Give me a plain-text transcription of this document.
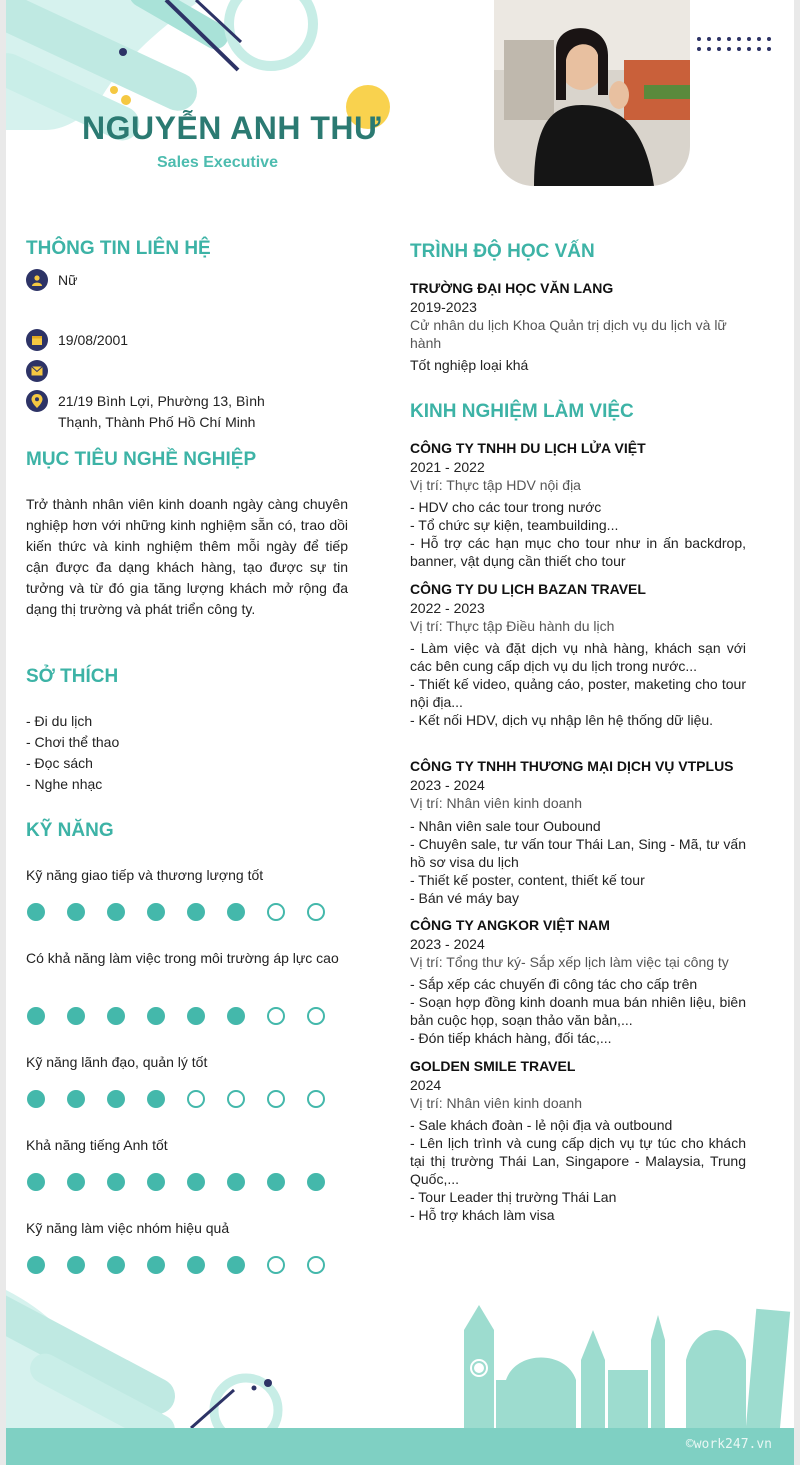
NGUYỄN ANH THƯ
Sales Executive
THÔNG TIN LIÊN HỆ
Nữ
19/08/2001
21/19 Bình Lợi, Phường 13, Bình Thạnh, Thành Phố Hồ Chí Minh
MỤC TIÊU NGHỀ NGHIỆP
Trở thành nhân viên kinh doanh ngày càng chuyên nghiệp hơn với những kinh nghiệm sẵn có, trao dồi kiến thức và kinh nghiệm thêm mỗi ngày để tiếp cận được đa dạng khách hàng, tạo được sự tin tưởng và từ đó gia tăng lượng khách mở rộng đa dạng thị trường và phát triển công ty.
SỞ THÍCH
- Đi du lịch
- Chơi thể thao
- Đọc sách
- Nghe nhạc
KỸ NĂNG
Kỹ năng giao tiếp và thương lượng tốt
Có khả năng làm việc trong môi trường áp lực cao
Kỹ năng lãnh đạo, quản lý tốt
Khả năng tiếng Anh tốt
Kỹ năng làm việc nhóm hiệu quả
TRÌNH ĐỘ HỌC VẤN
TRƯỜNG ĐẠI HỌC VĂN LANG
2019-2023
Cử nhân du lịch Khoa Quản trị dịch vụ du lịch và lữ hành
Tốt nghiệp loại khá
KINH NGHIỆM LÀM VIỆC
CÔNG TY TNHH DU LỊCH LỬA VIỆT
2021 - 2022
Vị trí: Thực tập HDV nội địa
- HDV cho các tour trong nước
- Tổ chức sự kiện, teambuilding...
- Hỗ trợ các hạn mục cho tour như in ấn backdrop, banner, vật dụng cần thiết cho tour
CÔNG TY DU LỊCH BAZAN TRAVEL
2022 - 2023
Vị trí: Thực tập Điều hành du lịch
- Làm việc và đặt dịch vụ nhà hàng, khách sạn với các bên cung cấp dịch vụ du lịch trong nước...
- Thiết kế video, quảng cáo, poster, maketing cho tour nội địa...
- Kết nối HDV, dịch vụ nhập lên hệ thống dữ liệu.
CÔNG TY TNHH THƯƠNG MẠI DỊCH VỤ VTPLUS
2023 - 2024
Vị trí: Nhân viên kinh doanh
- Nhân viên sale tour Oubound
- Chuyên sale, tư vấn tour Thái Lan, Sing - Mã, tư vấn hồ sơ visa du lịch
- Thiết kế poster, content, thiết kế tour
- Bán vé máy bay
CÔNG TY ANGKOR VIỆT NAM
2023 - 2024
Vị trí: Tổng thư ký- Sắp xếp lịch làm việc tại công ty
- Sắp xếp các chuyến đi công tác cho cấp trên
- Soạn hợp đồng kinh doanh mua bán nhiên liệu, biên bản cuộc họp, soạn thảo văn bản,...
- Đón tiếp khách hàng, đối tác,...
GOLDEN SMILE TRAVEL
2024
Vị trí: Nhân viên kinh doanh
- Sale khách đoàn - lẻ nội địa và outbound
- Lên lịch trình và cung cấp dịch vụ tự túc cho khách tại thị trường Thái Lan, Singapore - Malaysia, Trung Quốc,...
- Tour Leader thị trường Thái Lan
- Hỗ trợ khách làm visa
©work247.vn
